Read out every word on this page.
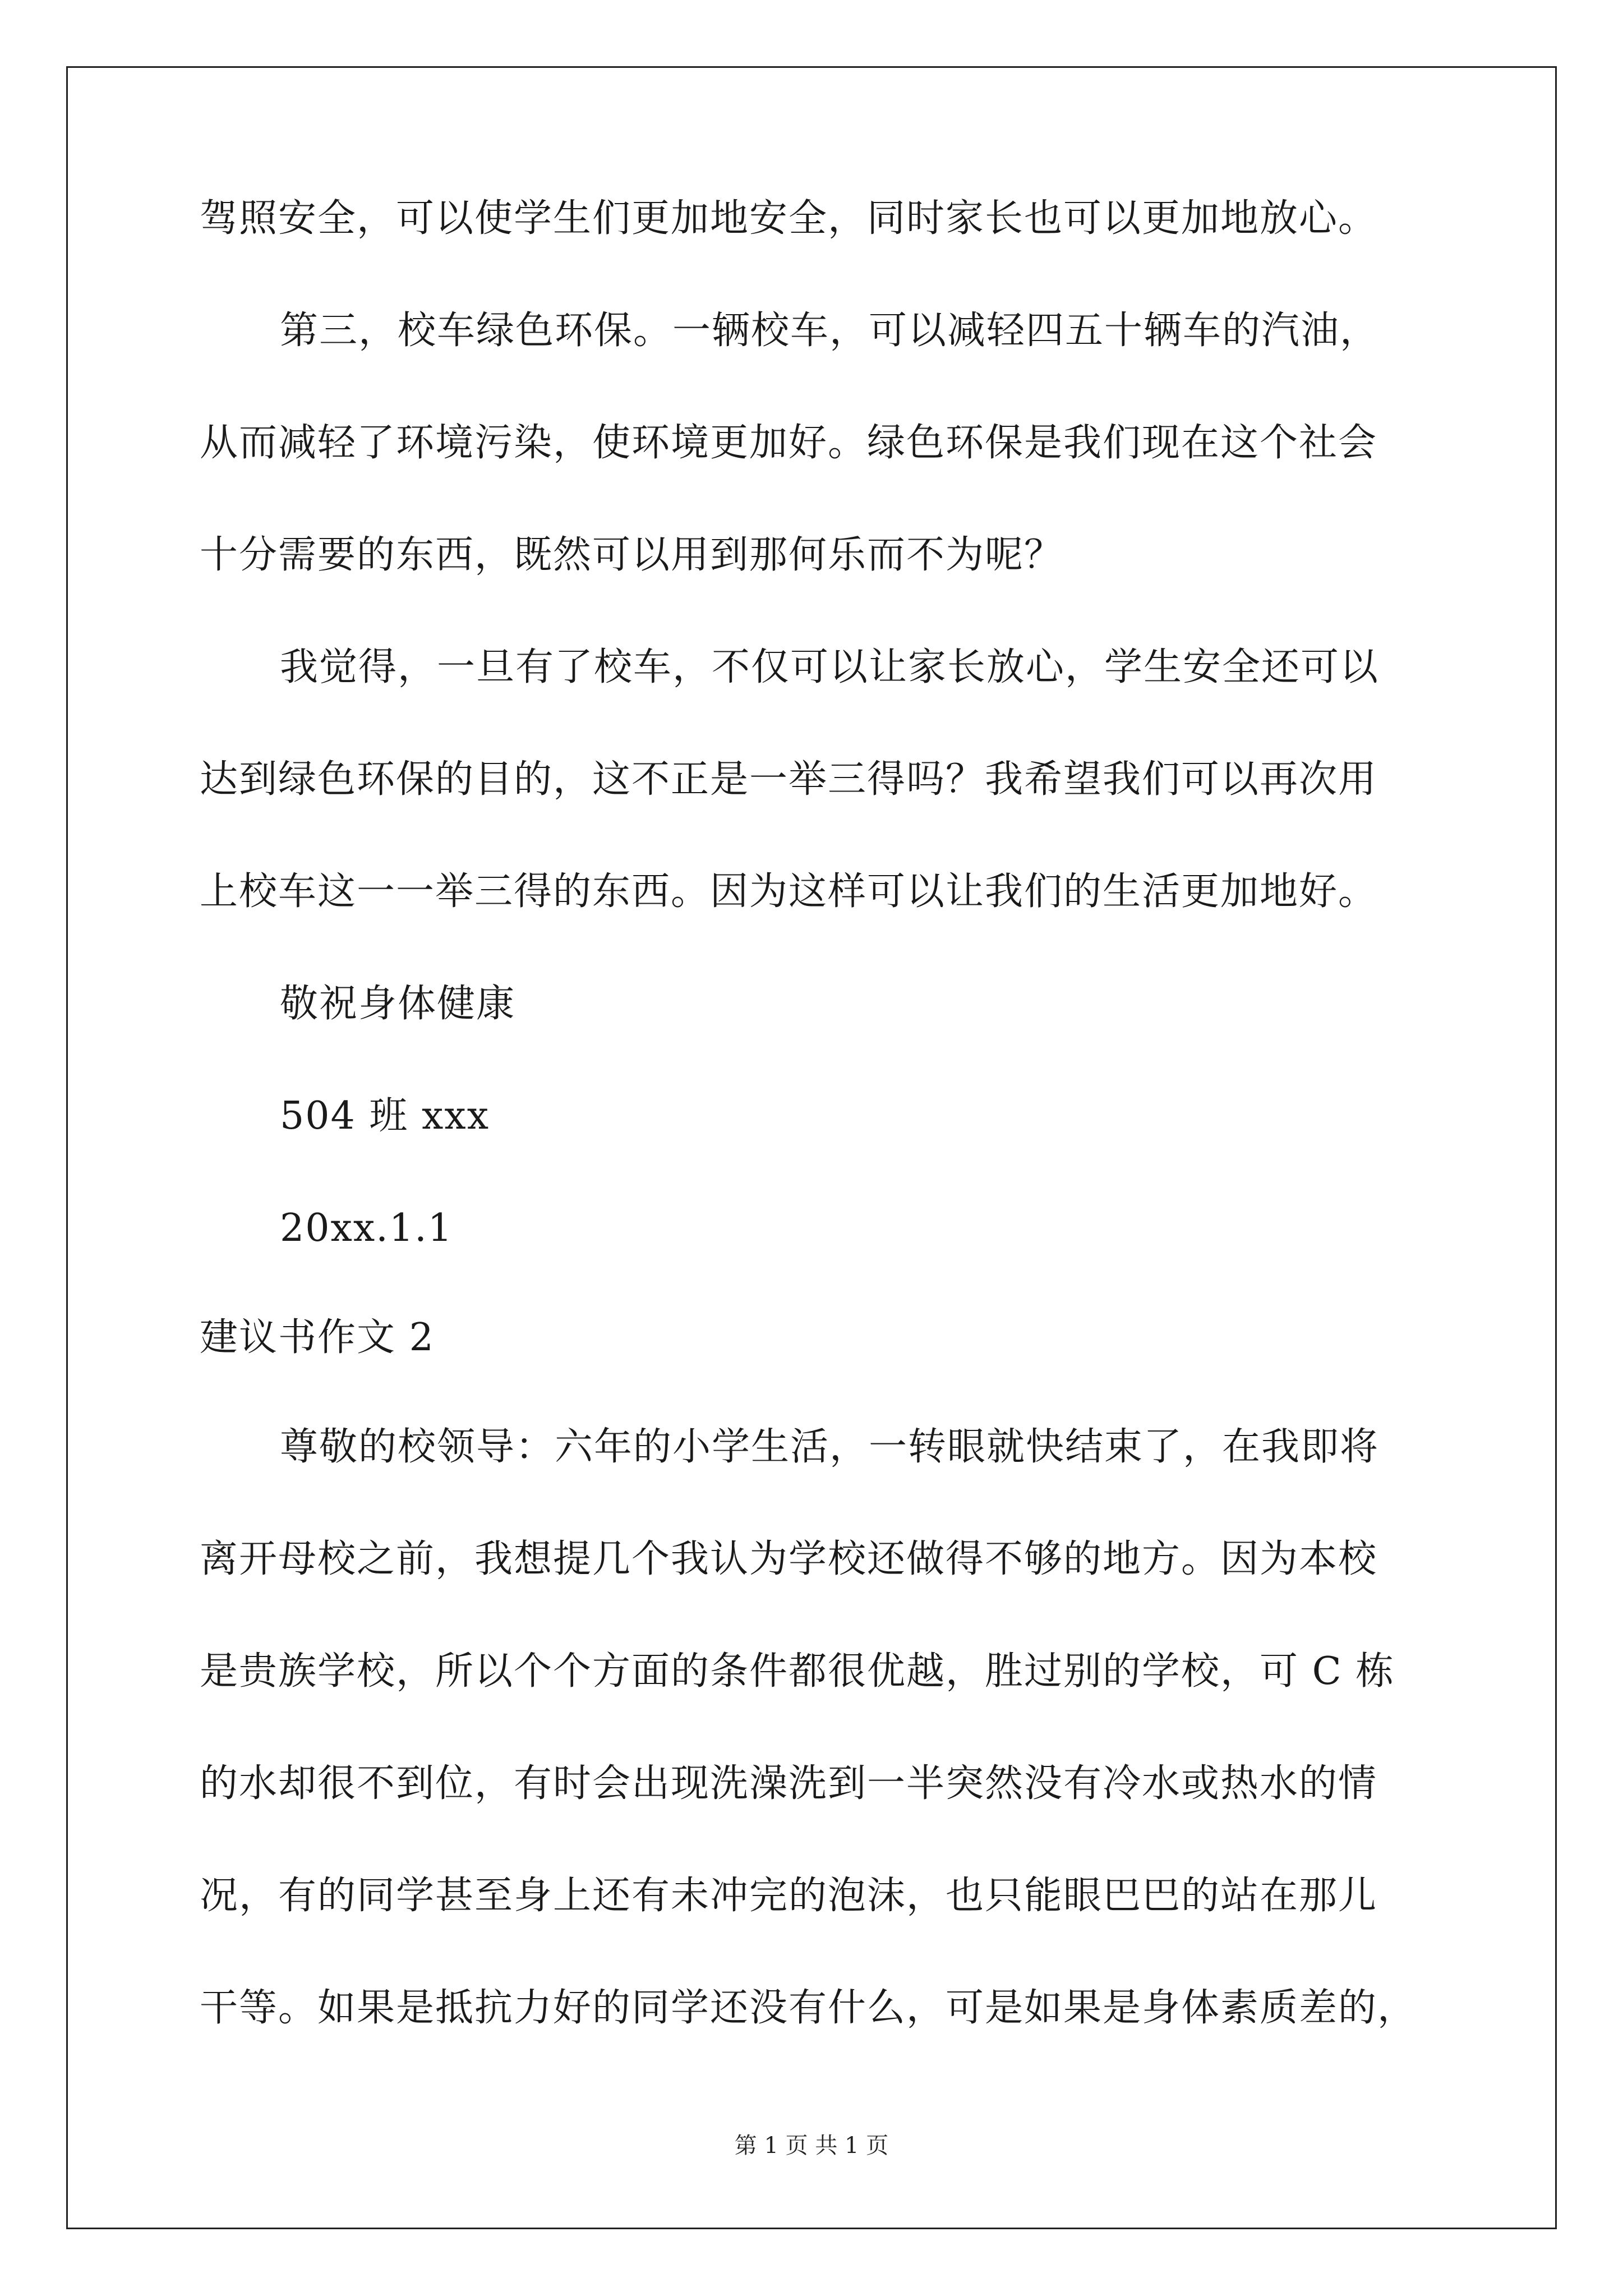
驾照安全，可以使学生们更加地安全，同时家长也可以更加地放心。
第三，校车绿色环保。一辆校车，可以减轻四五十辆车的汽油，
从而减轻了环境污染，使环境更加好。绿色环保是我们现在这个社会
十分需要的东西，既然可以用到那何乐而不为呢？
我觉得，一旦有了校车，不仅可以让家长放心，学生安全还可以
达到绿色环保的目的，这不正是一举三得吗？我希望我们可以再次用
上校车这一一举三得的东西。因为这样可以让我们的生活更加地好。
敬祝身体健康
504 班 xxx
20xx.1.1
建议书作文 2
尊敬的校领导：六年的小学生活，一转眼就快结束了，在我即将
离开母校之前，我想提几个我认为学校还做得不够的地方。因为本校
是贵族学校，所以个个方面的条件都很优越，胜过别的学校，可 C 栋
的水却很不到位，有时会出现洗澡洗到一半突然没有冷水或热水的情
况，有的同学甚至身上还有未冲完的泡沫，也只能眼巴巴的站在那儿
干等。如果是抵抗力好的同学还没有什么，可是如果是身体素质差的，
第 1 页 共 1 页
